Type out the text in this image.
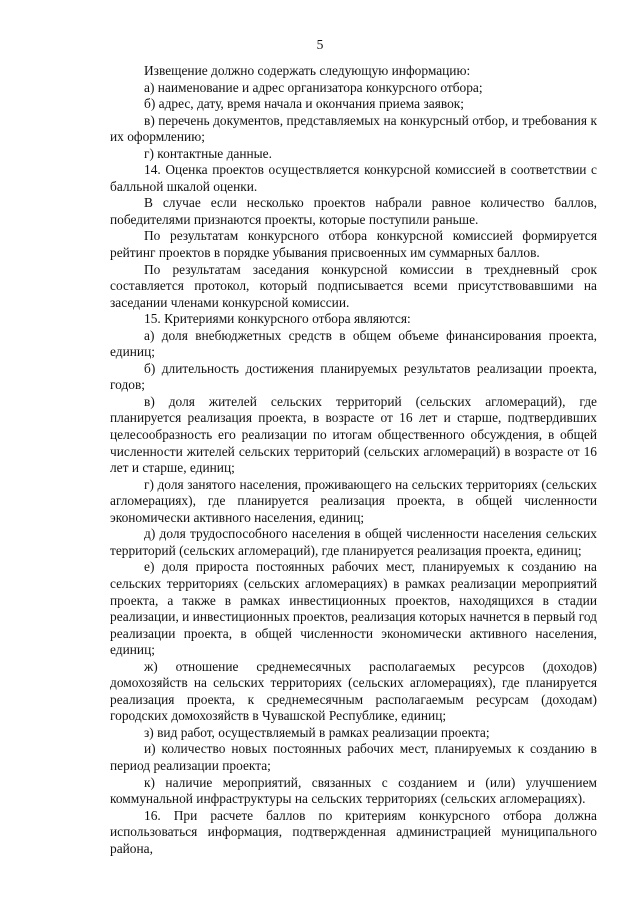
5

Извещение должно содержать следующую информацию:

а) наименование и адрес организатора конкурсного отбора;

б) адрес, дату, время начала и окончания приема заявок;

в) перечень документов, представляемых на конкурсный отбор, и требования к их оформлению;

г) контактные данные.

14. Оценка проектов осуществляется конкурсной комиссией в соответствии с балльной шкалой оценки.

В случае если несколько проектов набрали равное количество баллов, победителями признаются проекты, которые поступили раньше.

По результатам конкурсного отбора конкурсной комиссией формируется рейтинг проектов в порядке убывания присвоенных им суммарных баллов.

По результатам заседания конкурсной комиссии в трехдневный срок составляется протокол, который подписывается всеми присутствовавшими на заседании членами конкурсной комиссии.

15. Критериями конкурсного отбора являются:

а) доля внебюджетных средств в общем объеме финансирования проекта, единиц;

б) длительность достижения планируемых результатов реализации проекта, годов;

в) доля жителей сельских территорий (сельских агломераций), где планируется реализация проекта, в возрасте от 16 лет и старше, подтвердивших целесообразность его реализации по итогам общественного обсуждения, в общей численности жителей сельских территорий (сельских агломераций) в возрасте от 16 лет и старше, единиц;

г) доля занятого населения, проживающего на сельских территориях (сельских агломерациях), где планируется реализация проекта, в общей численности экономически активного населения, единиц;

д) доля трудоспособного населения в общей численности населения сельских территорий (сельских агломераций), где планируется реализация проекта, единиц;

е) доля прироста постоянных рабочих мест, планируемых к созданию на сельских территориях (сельских агломерациях) в рамках реализации мероприятий проекта, а также в рамках инвестиционных проектов, находящихся в стадии реализации, и инвестиционных проектов, реализация которых начнется в первый год реализации проекта, в общей численности экономически активного населения, единиц;

ж) отношение среднемесячных располагаемых ресурсов (доходов) домохозяйств на сельских территориях (сельских агломерациях), где планируется реализация проекта, к среднемесячным располагаемым ресурсам (доходам) городских домохозяйств в Чувашской Республике, единиц;

з) вид работ, осуществляемый в рамках реализации проекта;

и) количество новых постоянных рабочих мест, планируемых к созданию в период реализации проекта;

к) наличие мероприятий, связанных с созданием и (или) улучшением коммунальной инфраструктуры на сельских территориях (сельских агломерациях).

16. При расчете баллов по критериям конкурсного отбора должна использоваться информация, подтвержденная администрацией муниципального района,
